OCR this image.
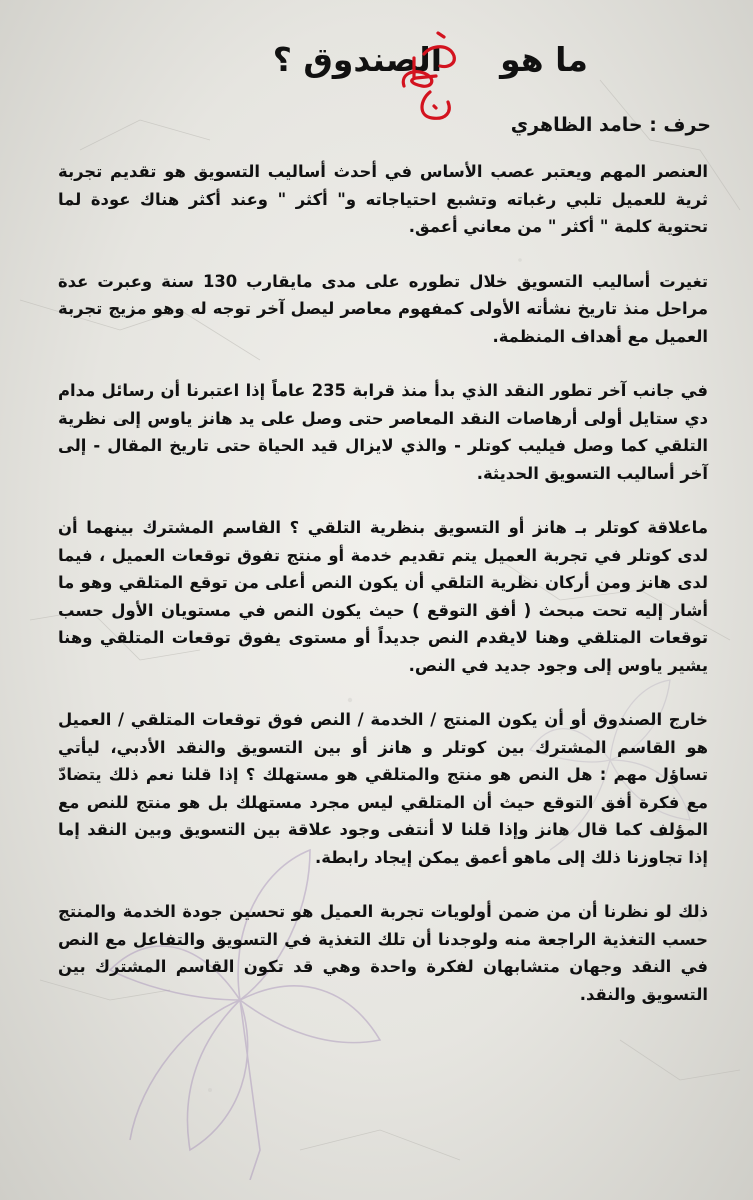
ما هوالصندوق ؟
حرف : حامد الظاهري

العنصر المهم ويعتبر عصب الأساس في أحدث أساليب التسويق هو تقديم تجربة ثرية للعميل تلبي رغباته وتشبع احتياجاته و" أكثر " وعند أكثر هناك عودة لما تحتوية كلمة " أكثر " من معاني أعمق.

تغيرت أساليب التسويق خلال تطوره على مدى مايقارب 130 سنة وعبرت عدة مراحل منذ تاريخ نشأته الأولى كمفهوم معاصر ليصل آخر توجه له وهو مزيج تجربة العميل مع أهداف المنظمة.

في جانب آخر تطور النقد الذي بدأ منذ قرابة 235 عاماً إذا اعتبرنا أن رسائل مدام دي ستايل أولى أرهاصات النقد المعاصر حتى وصل على يد هانز ياوس إلى نظرية التلقي كما وصل فيليب كوتلر - والذي لايزال قيد الحياة حتى تاريخ المقال - إلى آخر أساليب التسويق الحديثة.

ماعلاقة كوتلر بـ هانز أو التسويق بنظرية التلقي ؟ القاسم المشترك بينهما أن لدى كوتلر في تجربة العميل يتم تقديم خدمة أو منتج تفوق توقعات العميل ، فيما لدى هانز ومن أركان نظرية التلقي أن يكون النص أعلى من توقع المتلقي وهو ما أشار إليه تحت مبحث ( أفق التوقع ) حيث يكون النص في مستويان الأول حسب توقعات المتلقي وهنا لايقدم النص جديداً أو مستوى يفوق توقعات المتلقي وهنا يشير ياوس إلى وجود جديد في النص.

خارج الصندوق أو أن يكون المنتج / الخدمة / النص فوق توقعات المتلقي / العميل هو القاسم المشترك بين كوتلر و هانز أو بين التسويق والنقد الأدبي، ليأتي تساؤل مهم : هل النص هو منتج والمتلقي هو مستهلك ؟ إذا قلنا نعم ذلك يتضادّ مع فكرة أفق التوقع حيث أن المتلقي ليس مجرد مستهلك بل هو منتج للنص مع المؤلف كما قال هانز وإذا قلنا لا أنتفى وجود علاقة بين التسويق وبين النقد إما إذا تجاوزنا ذلك إلى ماهو أعمق يمكن إيجاد رابطة.

ذلك لو نظرنا أن من ضمن أولويات تجربة العميل هو تحسين جودة الخدمة والمنتج حسب التغذية الراجعة منه ولوجدنا أن تلك التغذية في التسويق والتفاعل مع النص في النقد وجهان متشابهان لفكرة واحدة وهي قد تكون القاسم المشترك بين التسويق والنقد.
